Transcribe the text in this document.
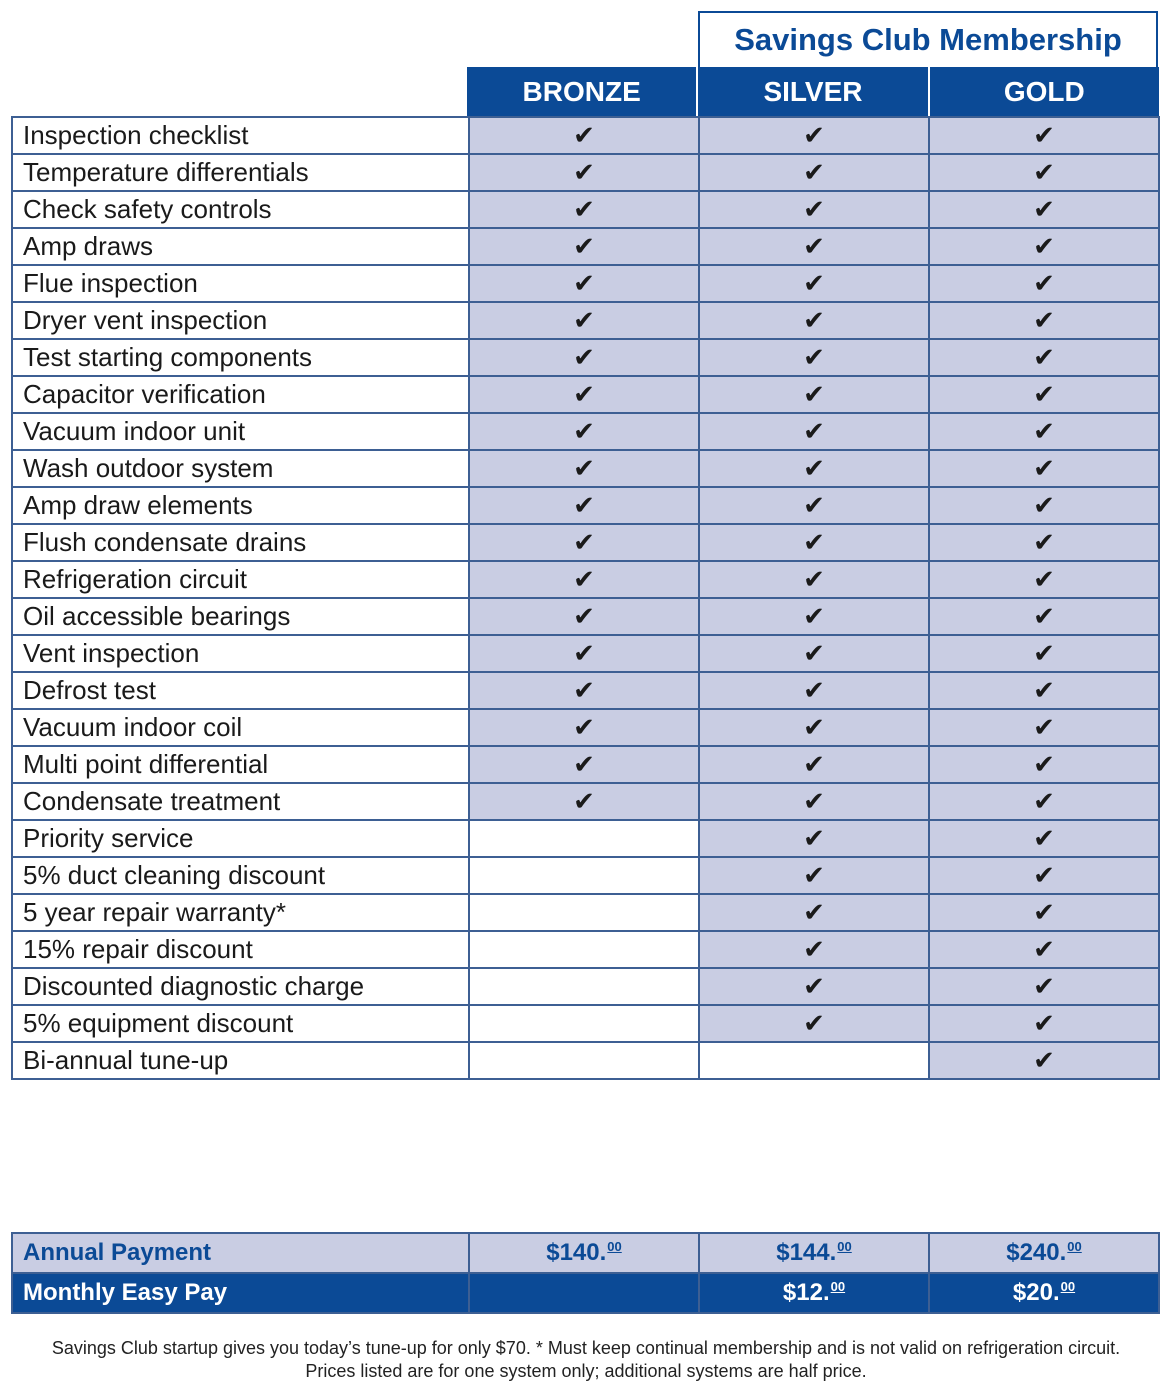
Savings Club Membership
BRONZE	SILVER	GOLD
Inspection checklist	✔	✔	✔
Temperature differentials	✔	✔	✔
Check safety controls	✔	✔	✔
Amp draws	✔	✔	✔
Flue inspection	✔	✔	✔
Dryer vent inspection	✔	✔	✔
Test starting components	✔	✔	✔
Capacitor verification	✔	✔	✔
Vacuum indoor unit	✔	✔	✔
Wash outdoor system	✔	✔	✔
Amp draw elements	✔	✔	✔
Flush condensate drains	✔	✔	✔
Refrigeration circuit	✔	✔	✔
Oil accessible bearings	✔	✔	✔
Vent inspection	✔	✔	✔
Defrost test	✔	✔	✔
Vacuum indoor coil	✔	✔	✔
Multi point differential	✔	✔	✔
Condensate treatment	✔	✔	✔
Priority service		✔	✔
5% duct cleaning discount		✔	✔
5 year repair warranty*		✔	✔
15% repair discount		✔	✔
Discounted diagnostic charge		✔	✔
5% equipment discount		✔	✔
Bi-annual tune-up			✔
Annual Payment	$140.00	$144.00	$240.00
Monthly Easy Pay		$12.00	$20.00
Savings Club startup gives you today’s tune-up for only $70. * Must keep continual membership and is not valid on refrigeration circuit.
Prices listed are for one system only; additional systems are half price.
